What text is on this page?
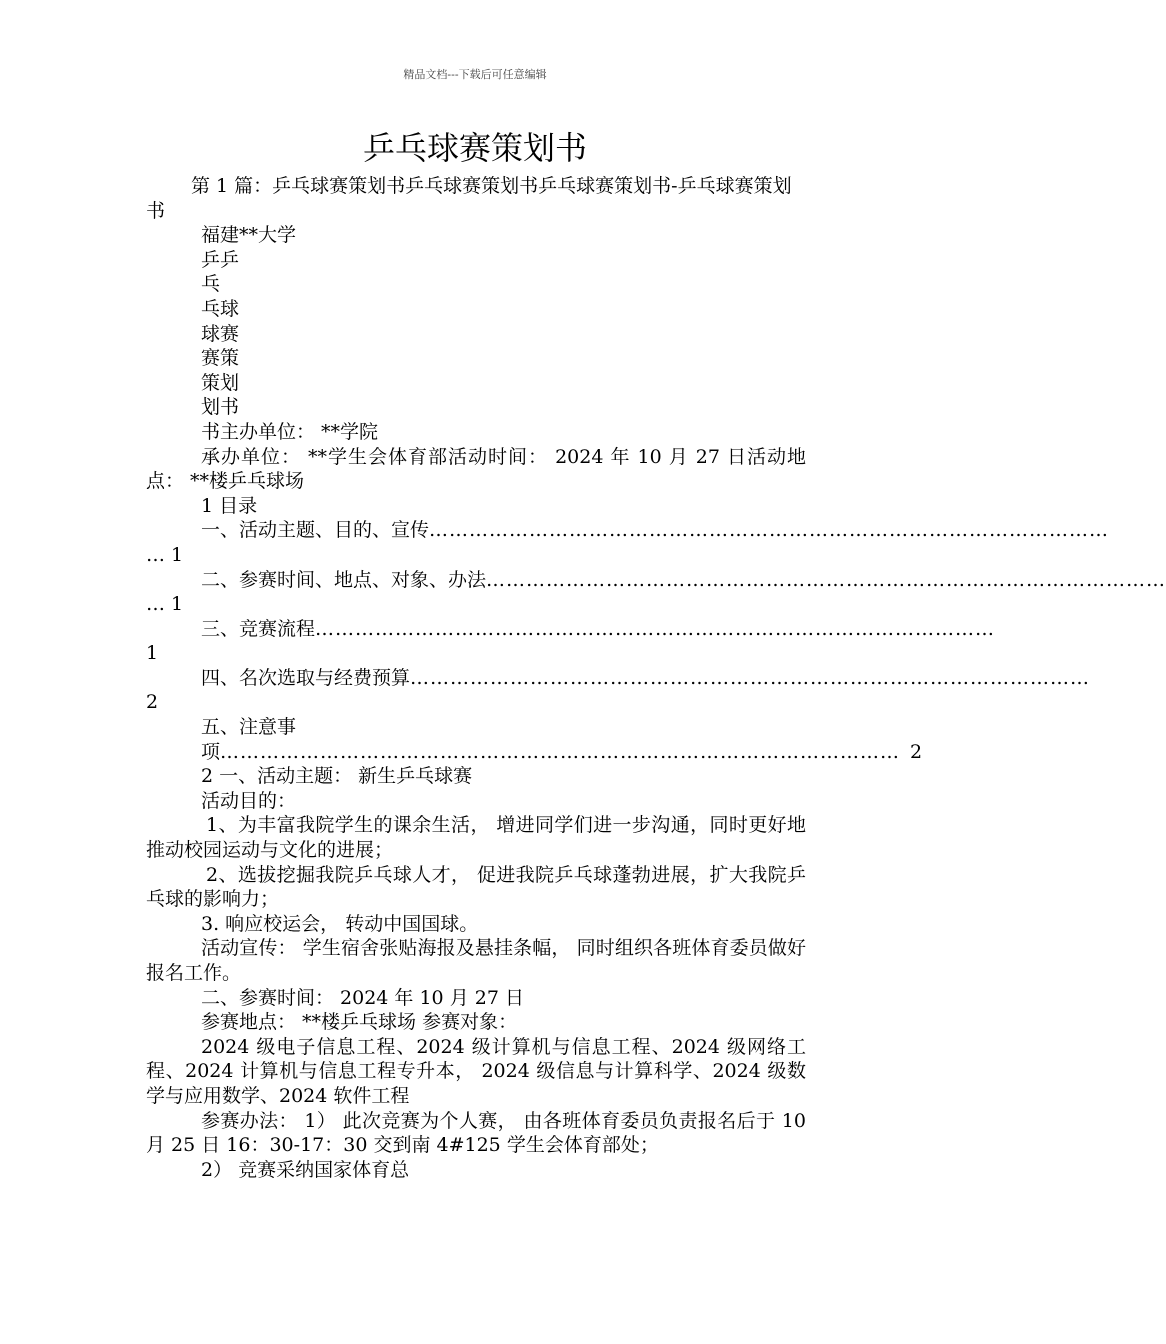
精品文档---下载后可任意编辑
乒乓球赛策划书

第 1 篇：乒乓球赛策划书乒乓球赛策划书乒乓球赛策划书-乒乓球赛策划书

福建**大学

乒乒

乓

乓球

球赛

赛策

策划

划书

书主办单位： **学院

承办单位： **学生会体育部活动时间： 2024 年 10 月 27 日活动地点： **楼乒乓球场

1 目录

一、活动主题、目的、宣传 …………………………………………………………………………………………

… 1

二、参赛时间、地点、对象、办法 …………………………………………………………………………………………

… 1

三、竞赛流程 …………………………………………………………………………………………

1

四、名次选取与经费预算 …………………………………………………………………………………………

2

五、注意事

项 ………………………………………………………………………………………… 2

2 一、活动主题： 新生乒乓球赛

活动目的：

1、为丰富我院学生的课余生活， 增进同学们进一步沟通，同时更好地推动校园运动与文化的进展；

2、选拔挖掘我院乒乓球人才， 促进我院乒乓球蓬勃进展，扩大我院乒乓球的影响力；

3. 响应校运会， 转动中国国球。

活动宣传： 学生宿舍张贴海报及悬挂条幅， 同时组织各班体育委员做好报名工作。

二、参赛时间： 2024 年 10 月 27 日

参赛地点： **楼乒乓球场 参赛对象：

2024 级电子信息工程、2024 级计算机与信息工程、2024 级网络工程、2024 计算机与信息工程专升本， 2024 级信息与计算科学、2024 级数学与应用数学、2024 软件工程

参赛办法： 1） 此次竞赛为个人赛， 由各班体育委员负责报名后于 10 月 25 日 16：30-17：30 交到南 4#125 学生会体育部处；

2） 竞赛采纳国家体育总
